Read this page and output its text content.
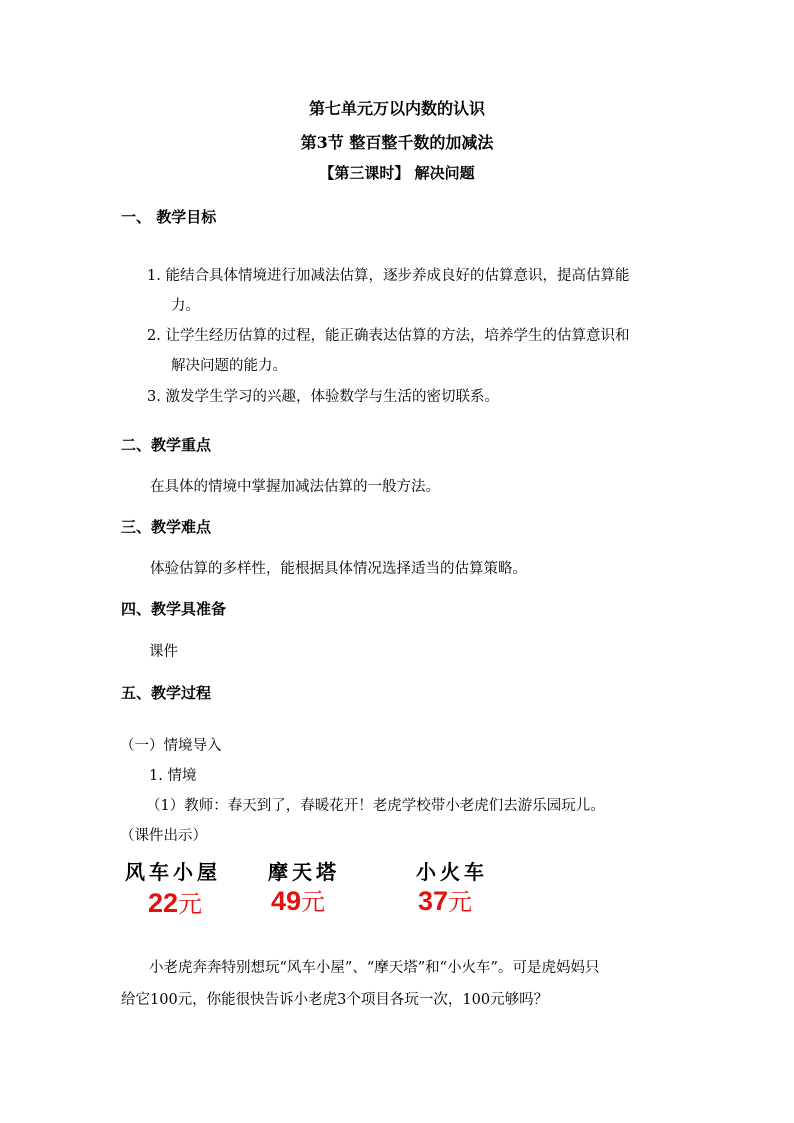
第七单元万以内数的认识
第3节 整百整千数的加减法
【第三课时】 解决问题
一、 教学目标
1. 能结合具体情境进行加减法估算，逐步养成良好的估算意识，提高估算能
力。
2. 让学生经历估算的过程，能正确表达估算的方法，培养学生的估算意识和
解决问题的能力。
3. 激发学生学习的兴趣，体验数学与生活的密切联系。
二、教学重点
在具体的情境中掌握加减法估算的一般方法。
三、教学难点
体验估算的多样性，能根据具体情况选择适当的估算策略。
四、教学具准备
课件
五、教学过程
（一）情境导入
1. 情境
（1）教师：春天到了，春暖花开！老虎学校带小老虎们去游乐园玩儿。
（课件出示）
风车小屋
22元
摩天塔
49元
小火车
37元
小老虎奔奔特别想玩“风车小屋”、“摩天塔”和“小火车”。可是虎妈妈只
给它100元，你能很快告诉小老虎3个项目各玩一次，100元够吗？
